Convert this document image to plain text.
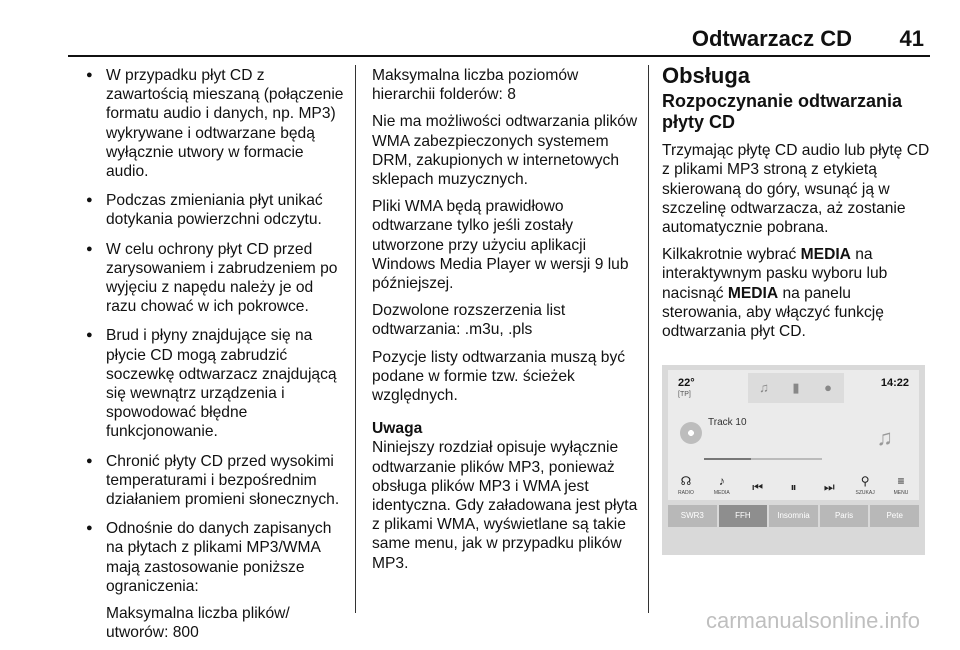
Odtwarzacz CD 41
● W przypadku płyt CD z zawartością mieszaną (połączenie formatu audio i danych, np. MP3) wykrywane i odtwarzane będą wyłącznie utwory w formacie audio.
● Podczas zmieniania płyt unikać dotykania powierzchni odczytu.
● W celu ochrony płyt CD przed zarysowaniem i zabrudzeniem po wyjęciu z napędu należy je od razu chować w ich pokrowce.
● Brud i płyny znajdujące się na płycie CD mogą zabrudzić soczewkę odtwarzacz znajdującą się wewnątrz urządzenia i spowodować błędne funkcjonowanie.
● Chronić płyty CD przed wysokimi temperaturami i bezpośrednim działaniem promieni słonecznych.
● Odnośnie do danych zapisanych na płytach z plikami MP3/WMA mają zastosowanie poniższe ograniczenia:

Maksymalna liczba plików/ utworów: 800

Maksymalna liczba poziomów hierarchii folderów: 8

Nie ma możliwości odtwarzania plików WMA zabezpieczonych systemem DRM, zakupionych w internetowych sklepach muzycznych.

Pliki WMA będą prawidłowo odtwarzane tylko jeśli zostały utworzone przy użyciu aplikacji Windows Media Player w wersji 9 lub późniejszej.

Dozwolone rozszerzenia list odtwarzania: .m3u, .pls

Pozycje listy odtwarzania muszą być podane w formie tzw. ścieżek względnych.

Uwaga

Niniejszy rozdział opisuje wyłącznie odtwarzanie plików MP3, ponieważ obsługa plików MP3 i WMA jest identyczna. Gdy załadowana jest płyta z plikami WMA, wyświetlane są takie same menu, jak w przypadku plików MP3.

Obsługa
Rozpoczynanie odtwarzania płyty CD

Trzymając płytę CD audio lub płytę CD z plikami MP3 stroną z etykietą skierowaną do góry, wsunąć ją w szczelinę odtwarzacza, aż zostanie automatycznie pobrana.

Kilkakrotnie wybrać MEDIA na interaktywnym pasku wyboru lub nacisnąć MEDIA na panelu sterowania, aby włączyć funkcję odtwarzania płyt CD.

22°
[TP]	♫ ▮ ●	14:22
Track 10
♫
☊
RADIO
♪
MEDIA	⏮	⏸	⏭	⚲
SZUKAJ
≡
MENU
SWR3	FFH	Insomnia	Paris	Pete
carmanualsonline.info
